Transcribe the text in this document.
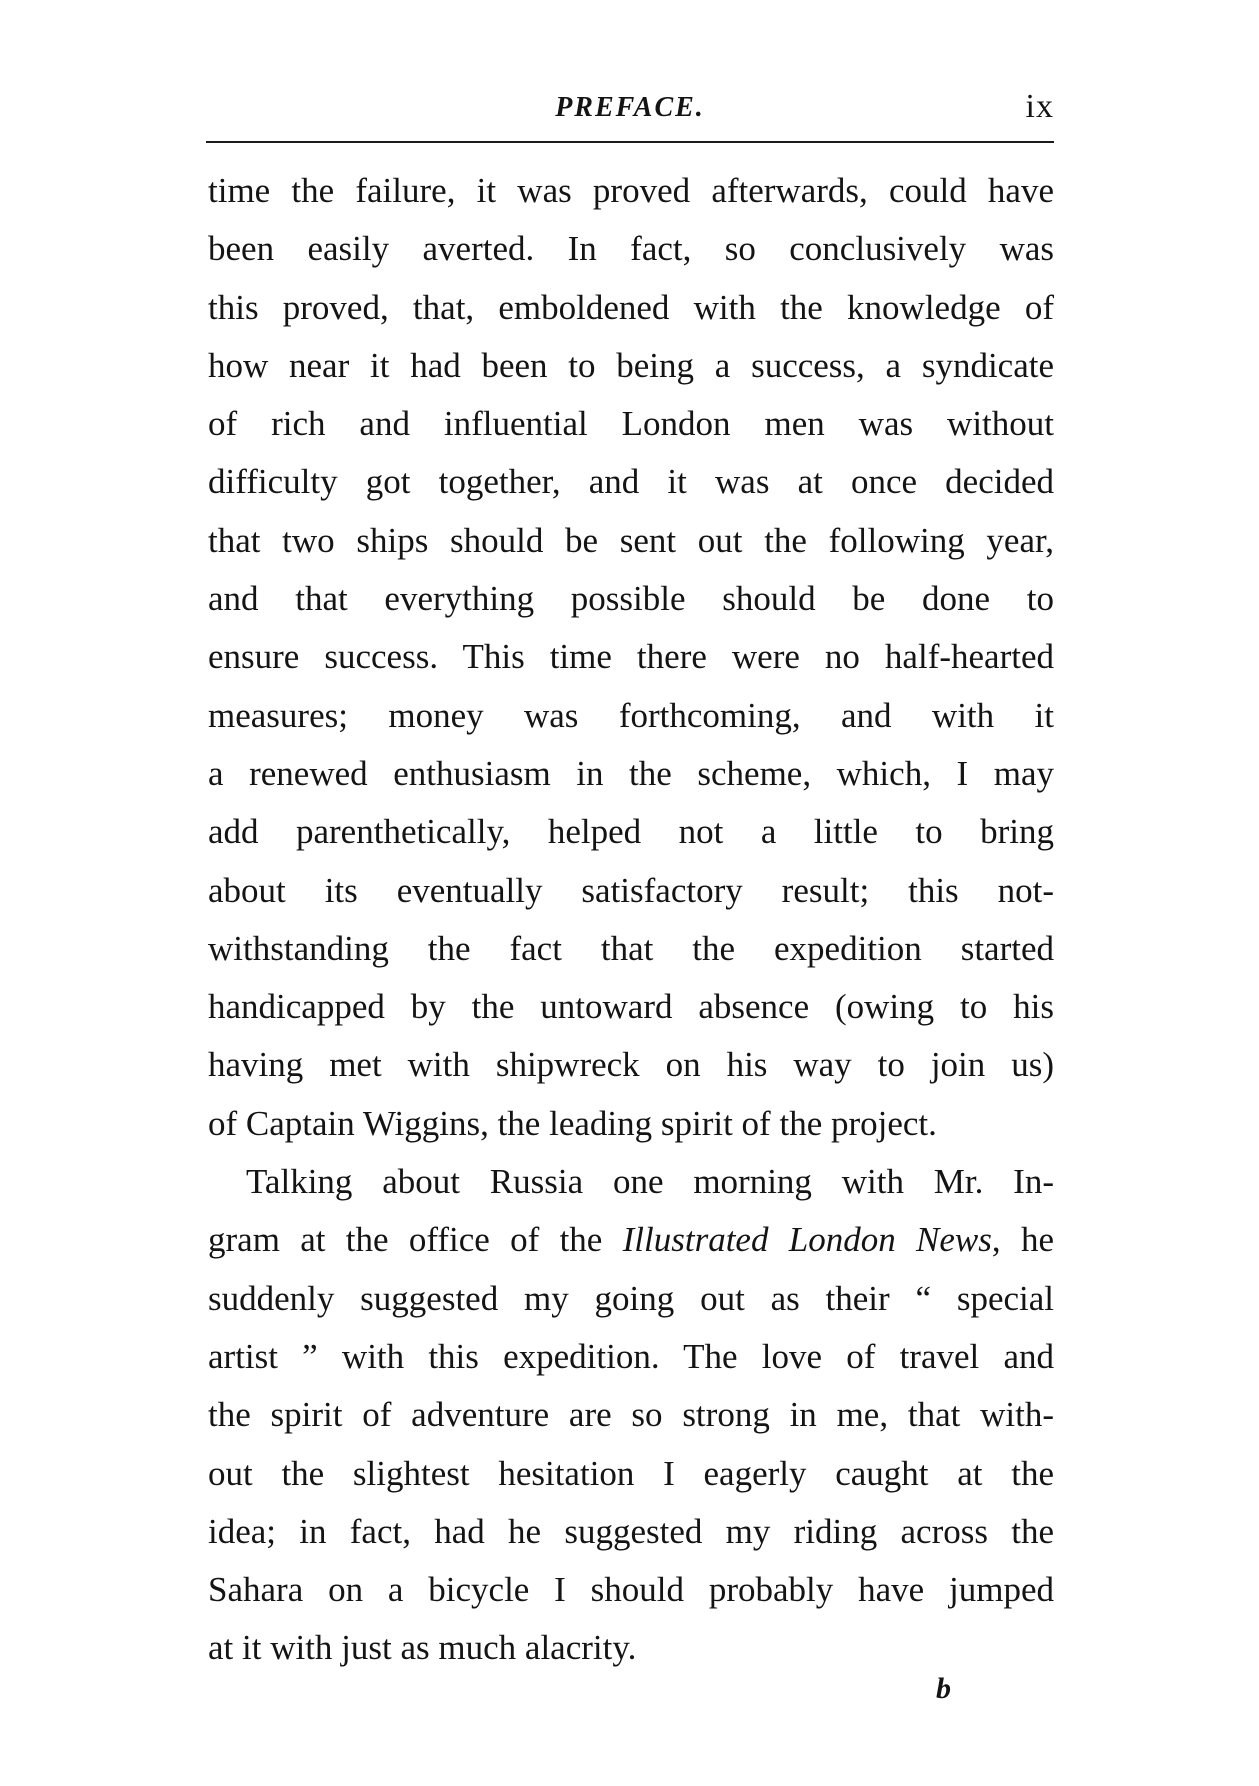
PREFACE.	ix
time the failure, it was proved afterwards, could have
been easily averted. In fact, so conclusively was
this proved, that, emboldened with the knowledge of
how near it had been to being a success, a syndicate
of rich and influential London men was without
difficulty got together, and it was at once decided
that two ships should be sent out the following year,
and that everything possible should be done to
ensure success. This time there were no half-hearted
measures; money was forthcoming, and with it
a renewed enthusiasm in the scheme, which, I may
add parenthetically, helped not a little to bring
about its eventually satisfactory result; this not-
withstanding the fact that the expedition started
handicapped by the untoward absence (owing to his
having met with shipwreck on his way to join us)
of Captain Wiggins, the leading spirit of the project.
Talking about Russia one morning with Mr. In-
gram at the office of the Illustrated London News, he
suddenly suggested my going out as their “ special
artist ” with this expedition. The love of travel and
the spirit of adventure are so strong in me, that with-
out the slightest hesitation I eagerly caught at the
idea; in fact, had he suggested my riding across the
Sahara on a bicycle I should probably have jumped
at it with just as much alacrity.
b
